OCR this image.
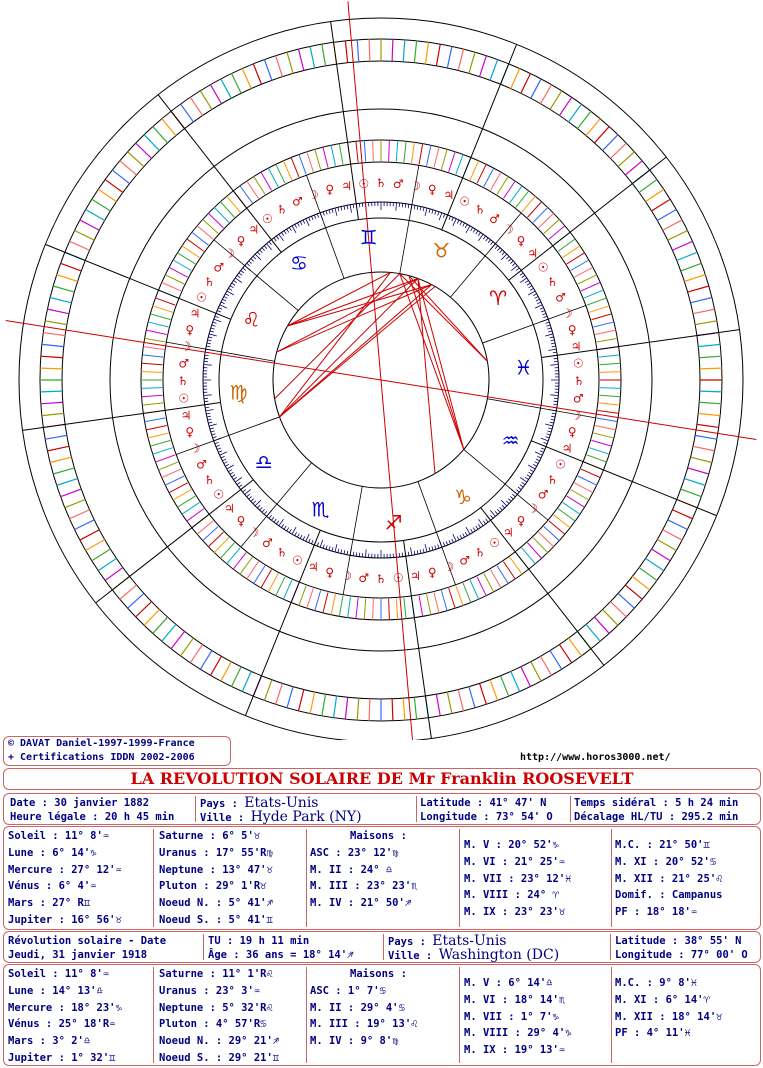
♊
♉
♈
♓
♒
♑
♐
♏
♎
♍
♌
♋
♄
☉
♃
♀
☽
♂
♄
☉
♃
♀
☽
♂
♄
☉
♃
♀
☽
♂
♄
☉
♃
♀
☽
♂
♄
☉
♃
♀
☽
♂
♄
☉
♃
♀
☽
♂
♄
☉
♃
♀
☽
♂
♄
☉
♃
♀
☽
♂
♄
☉ ♃ ♀ ☽ ♂ ♄ ☉ ♃ ♀ ☽ ♂
♄
☉
♃
♀
☽
♂
♄
☉
♃
♀
☽
♂
© DAVAT Daniel-1997-1999-France
+ Certifications IDDN 2002-2006	http://www.horos3000.net/
LA REVOLUTION SOLAIRE DE Mr Franklin ROOSEVELT
Date : 30 janvier 1882
Heure légale : 20 h 45 min
Pays : Etats-Unis
Ville : Hyde Park (NY)
Latitude : 41° 47' N
Longitude : 73° 54' O
Temps sidéral : 5 h 24 min
Décalage HL/TU : 295.2 min
Soleil : 11° 8'♒
Lune : 6° 14'♑
Mercure : 27° 12'♒
Vénus : 6° 4'♒
Mars : 27° R♊
Jupiter : 16° 56'♉
Saturne : 6° 5'♉
Uranus : 17° 55'R♍
Neptune : 13° 47'♉
Pluton : 29° 1'R♉
Noeud N. : 5° 41'♐
Noeud S. : 5° 41'♊
Maisons :
ASC : 23° 12'♍
M. II : 24° ♎
M. III : 23° 23'♏
M. IV : 21° 50'♐
M. V : 20° 52'♑
M. VI : 21° 25'♒
M. VII : 23° 12'♓
M. VIII : 24° ♈
M. IX : 23° 23'♉
M.C. : 21° 50'♊
M. XI : 20° 52'♋
M. XII : 21° 25'♌
Domif. : Campanus
PF : 18° 18'♒
Révolution solaire - Date
Jeudi, 31 janvier 1918
TU : 19 h 11 min
Âge : 36 ans = 18° 14'♐
Pays : Etats-Unis
Ville : Washington (DC)
Latitude : 38° 55' N
Longitude : 77° 00' O
Soleil : 11° 8'♒
Lune : 14° 13'♎
Mercure : 18° 23'♑
Vénus : 25° 18'R♒
Mars : 3° 2'♎
Jupiter : 1° 32'♊
Saturne : 11° 1'R♌
Uranus : 23° 3'♒
Neptune : 5° 32'R♌
Pluton : 4° 57'R♋
Noeud N. : 29° 21'♐
Noeud S. : 29° 21'♊
Maisons :
ASC : 1° 7'♋
M. II : 29° 4'♋
M. III : 19° 13'♌
M. IV : 9° 8'♍
M. V : 6° 14'♎
M. VI : 18° 14'♏
M. VII : 1° 7'♑
M. VIII : 29° 4'♑
M. IX : 19° 13'♒
M.C. : 9° 8'♓
M. XI : 6° 14'♈
M. XII : 18° 14'♉
PF : 4° 11'♓
